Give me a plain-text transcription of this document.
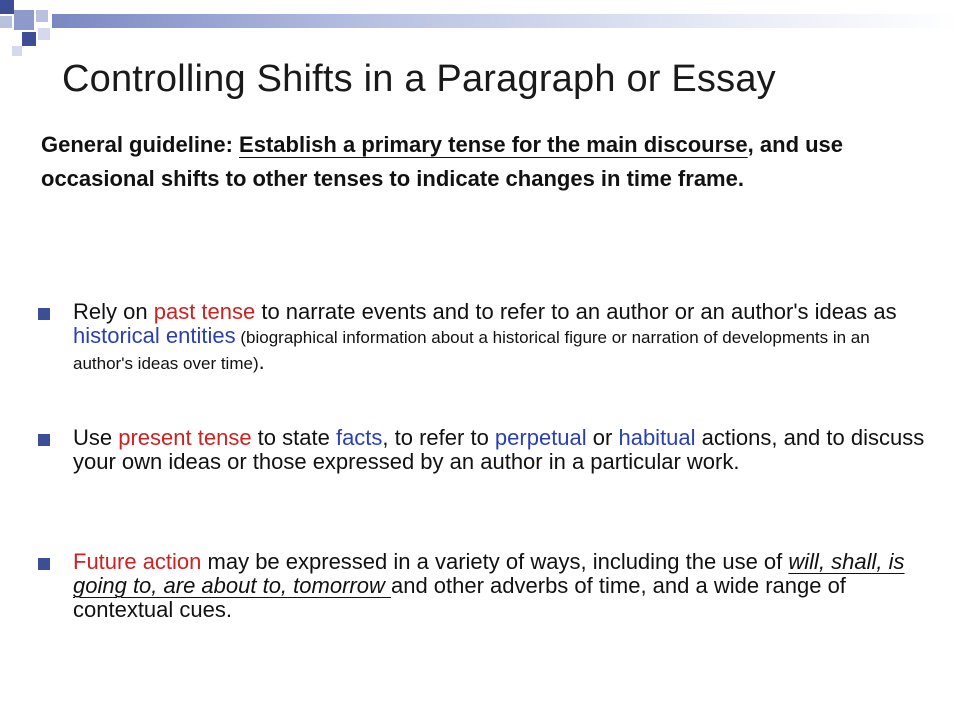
Controlling Shifts in a Paragraph or Essay

General guideline: Establish a primary tense for the main discourse, and use occasional shifts to other tenses to indicate changes in time frame.

Rely on past tense to narrate events and to refer to an author or an author's ideas as historical entities (biographical information about a historical figure or narration of developments in an author's ideas over time).

Use present tense to state facts, to refer to perpetual or habitual actions, and to discuss your own ideas or those expressed by an author in a particular work.

Future action may be expressed in a variety of ways, including the use of will, shall, is going to, are about to, tomorrow and other adverbs of time, and a wide range of contextual cues.
